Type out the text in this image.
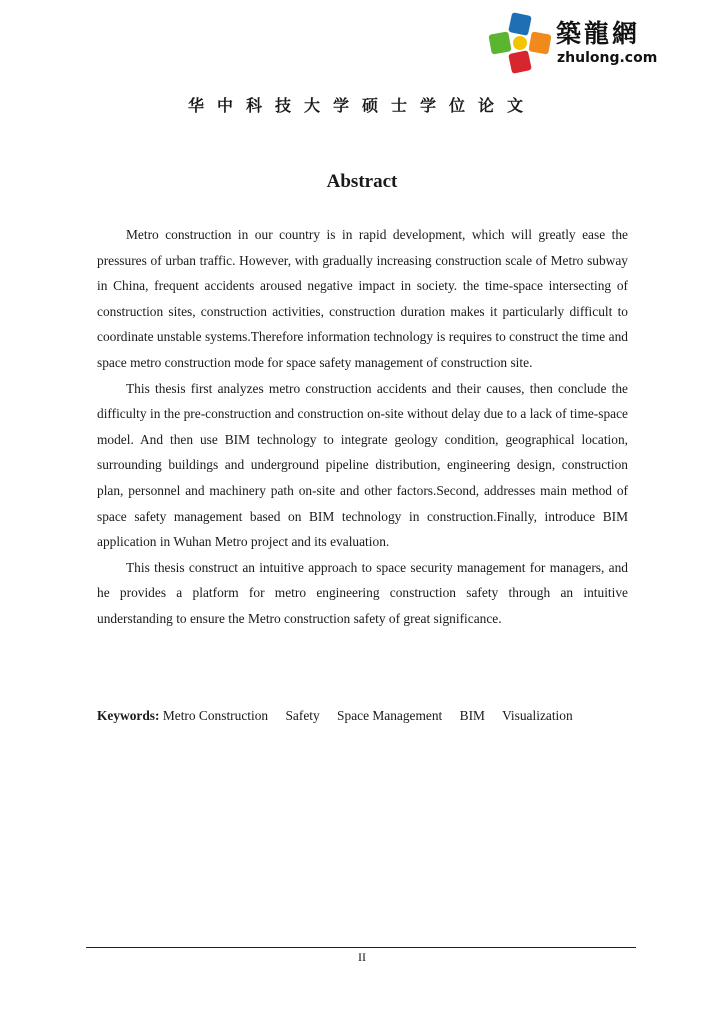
築龍網
zhulong.com
华中科技大学硕士学位论文
Abstract

Metro construction in our country is in rapid development, which will greatly ease the pressures of urban traffic. However, with gradually increasing construction scale of Metro subway in China, frequent accidents aroused negative impact in society. the time-space intersecting of construction sites, construction activities, construction duration makes it particularly difficult to coordinate unstable systems.Therefore information technology is requires to construct the time and space metro construction mode for space safety management of construction site.

This thesis first analyzes metro construction accidents and their causes, then conclude the difficulty in the pre-construction and construction on-site without delay due to a lack of time-space model. And then use BIM technology to integrate geology condition, geographical location, surrounding buildings and underground pipeline distribution, engineering design, construction plan, personnel and machinery path on-site and other factors.Second, addresses main method of space safety management based on BIM technology in construction.Finally, introduce BIM application in Wuhan Metro project and its evaluation.

This thesis construct an intuitive approach to space security management for managers, and he provides a platform for metro engineering construction safety through an intuitive understanding to ensure the Metro construction safety of great significance.

Keywords: Metro Construction Safety Space Management BIM Visualization
II
